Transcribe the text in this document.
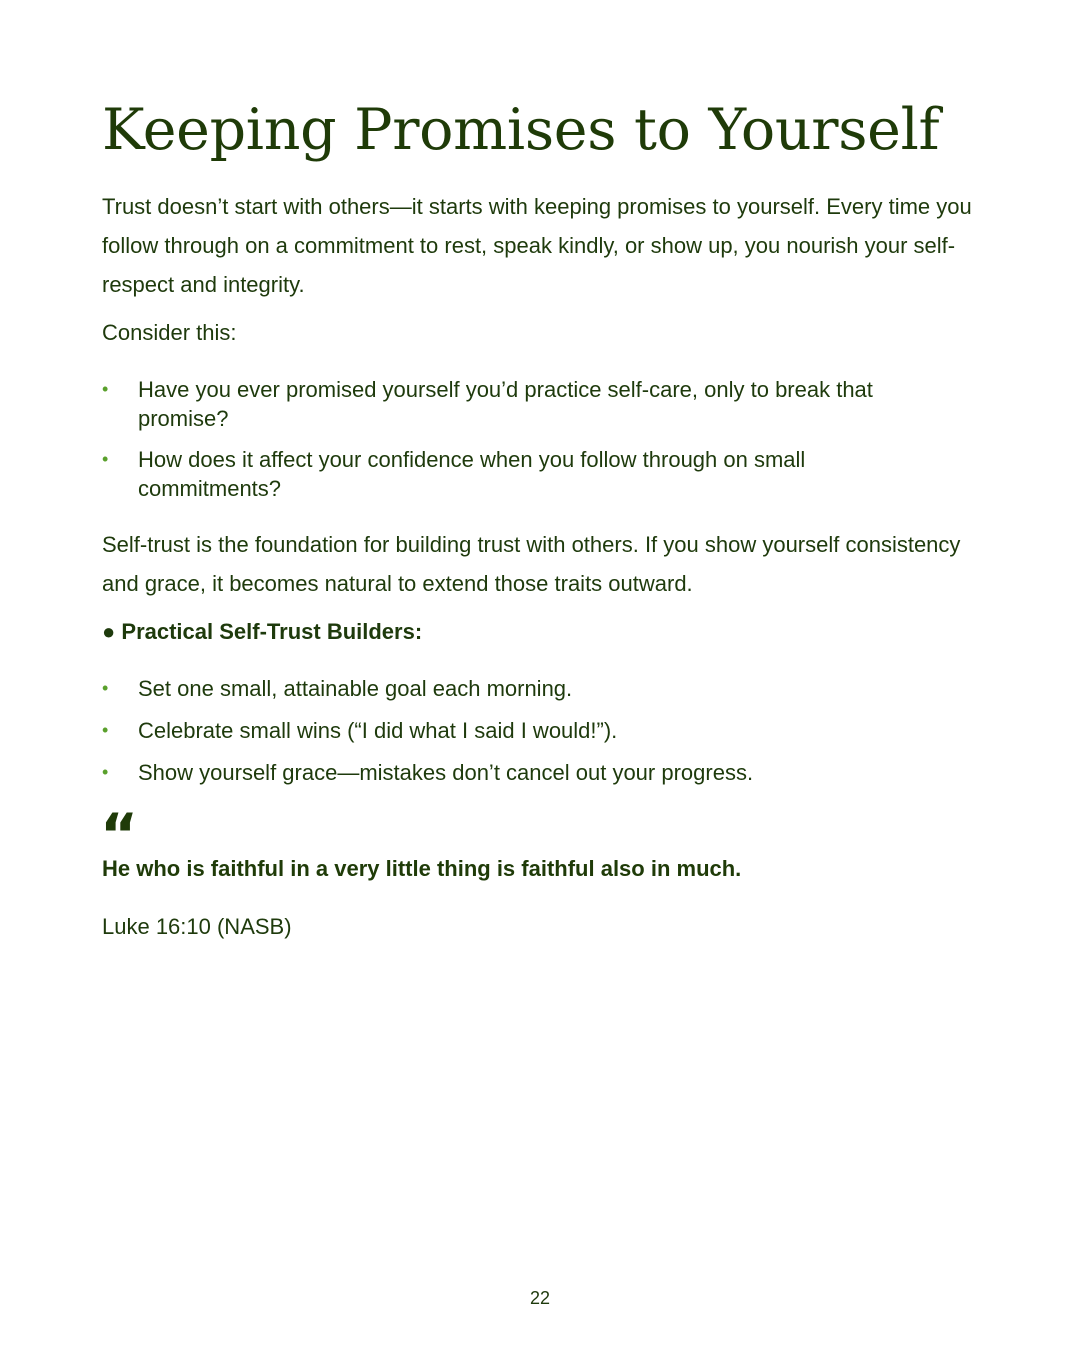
Keeping Promises to Yourself

Trust doesn’t start with others—it starts with keeping promises to yourself. Every time you follow through on a commitment to rest, speak kindly, or show up, you nourish your self-respect and integrity.

Consider this:

• Have you ever promised yourself you’d practice self-care, only to break that promise?
• How does it affect your confidence when you follow through on small commitments?

Self-trust is the foundation for building trust with others. If you show yourself consistency and grace, it becomes natural to extend those traits outward.

● Practical Self-Trust Builders:

• Set one small, attainable goal each morning.
• Celebrate small wins (“I did what I said I would!”).
• Show yourself grace—mistakes don’t cancel out your progress.
“

He who is faithful in a very little thing is faithful also in much.

Luke 16:10 (NASB)

22
